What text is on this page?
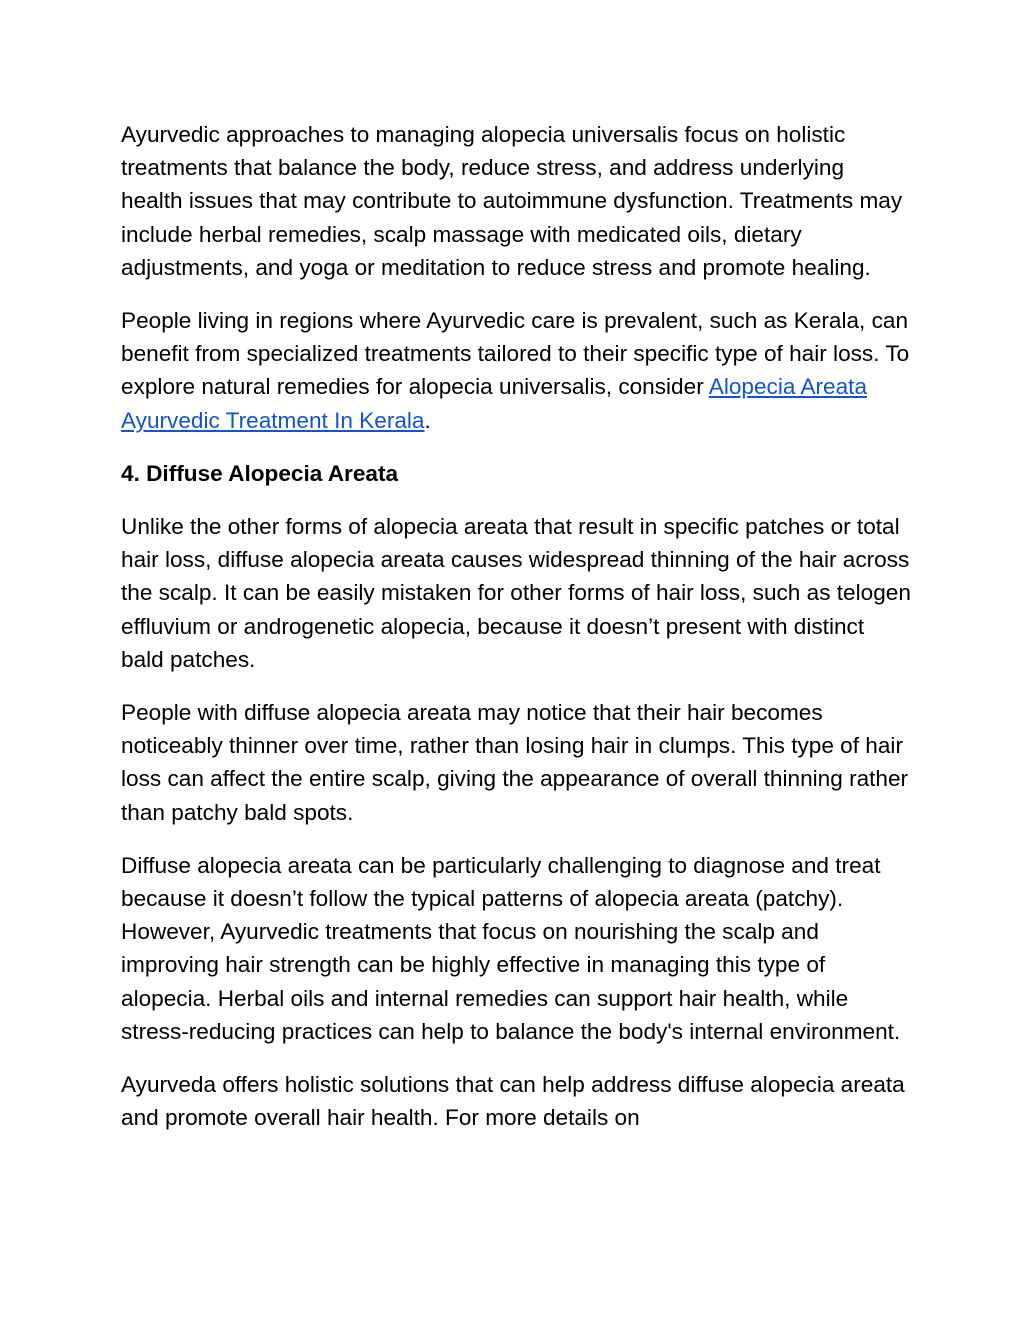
Ayurvedic approaches to managing alopecia universalis focus on holistic treatments that balance the body, reduce stress, and address underlying health issues that may contribute to autoimmune dysfunction. Treatments may include herbal remedies, scalp massage with medicated oils, dietary adjustments, and yoga or meditation to reduce stress and promote healing.

People living in regions where Ayurvedic care is prevalent, such as Kerala, can benefit from specialized treatments tailored to their specific type of hair loss. To explore natural remedies for alopecia universalis, consider Alopecia Areata Ayurvedic Treatment In Kerala.

4. Diffuse Alopecia Areata

Unlike the other forms of alopecia areata that result in specific patches or total hair loss, diffuse alopecia areata causes widespread thinning of the hair across the scalp. It can be easily mistaken for other forms of hair loss, such as telogen effluvium or androgenetic alopecia, because it doesn’t present with distinct bald patches.

People with diffuse alopecia areata may notice that their hair becomes noticeably thinner over time, rather than losing hair in clumps. This type of hair loss can affect the entire scalp, giving the appearance of overall thinning rather than patchy bald spots.

Diffuse alopecia areata can be particularly challenging to diagnose and treat because it doesn’t follow the typical patterns of alopecia areata (patchy). However, Ayurvedic treatments that focus on nourishing the scalp and improving hair strength can be highly effective in managing this type of alopecia. Herbal oils and internal remedies can support hair health, while stress-reducing practices can help to balance the body's internal environment.

Ayurveda offers holistic solutions that can help address diffuse alopecia areata and promote overall hair health. For more details on
